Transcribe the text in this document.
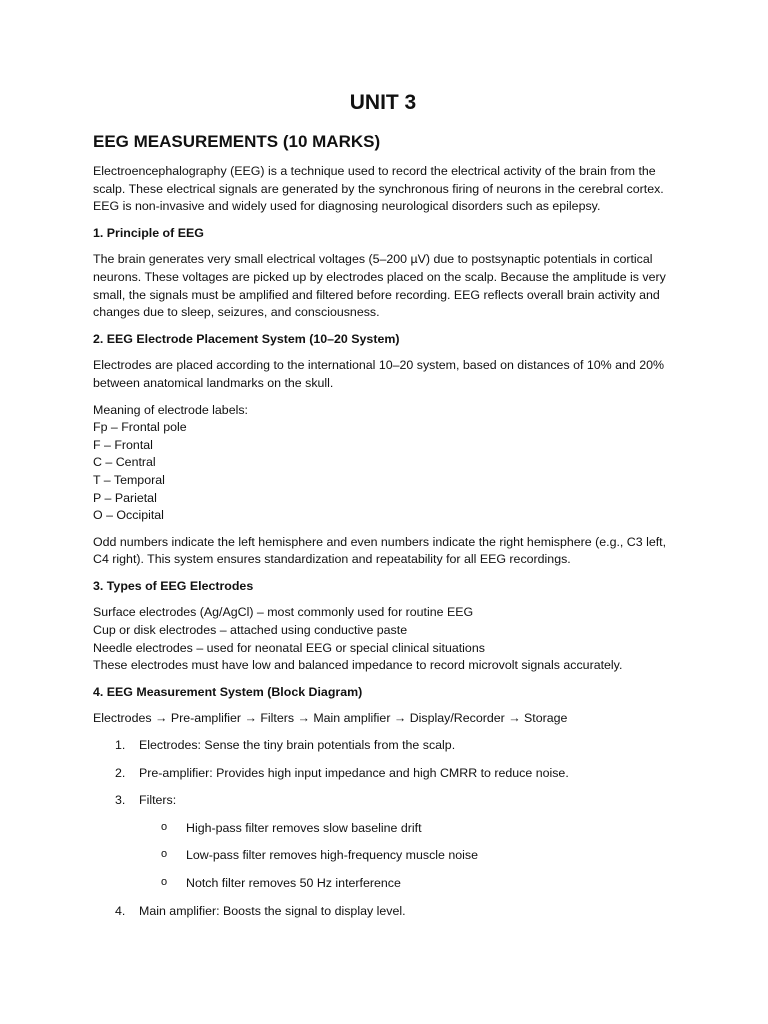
UNIT 3
EEG MEASUREMENTS (10 MARKS)

Electroencephalography (EEG) is a technique used to record the electrical activity of the brain from the scalp. These electrical signals are generated by the synchronous firing of neurons in the cerebral cortex. EEG is non-invasive and widely used for diagnosing neurological disorders such as epilepsy.

1. Principle of EEG

The brain generates very small electrical voltages (5–200 µV) due to postsynaptic potentials in cortical neurons. These voltages are picked up by electrodes placed on the scalp. Because the amplitude is very small, the signals must be amplified and filtered before recording. EEG reflects overall brain activity and changes due to sleep, seizures, and consciousness.

2. EEG Electrode Placement System (10–20 System)

Electrodes are placed according to the international 10–20 system, based on distances of 10% and 20% between anatomical landmarks on the skull.

Meaning of electrode labels:
Fp – Frontal pole
F – Frontal
C – Central
T – Temporal
P – Parietal
O – Occipital

Odd numbers indicate the left hemisphere and even numbers indicate the right hemisphere (e.g., C3 left, C4 right). This system ensures standardization and repeatability for all EEG recordings.

3. Types of EEG Electrodes
Surface electrodes (Ag/AgCl) – most commonly used for routine EEG
Cup or disk electrodes – attached using conductive paste
Needle electrodes – used for neonatal EEG or special clinical situations
These electrodes must have low and balanced impedance to record microvolt signals accurately.
4. EEG Measurement System (Block Diagram)

Electrodes → Pre-amplifier → Filters → Main amplifier → Display/Recorder → Storage

1. Electrodes: Sense the tiny brain potentials from the scalp.
2. Pre-amplifier: Provides high input impedance and high CMRR to reduce noise.
3. Filters:
o High-pass filter removes slow baseline drift
o Low-pass filter removes high-frequency muscle noise
o Notch filter removes 50 Hz interference
4. Main amplifier: Boosts the signal to display level.
